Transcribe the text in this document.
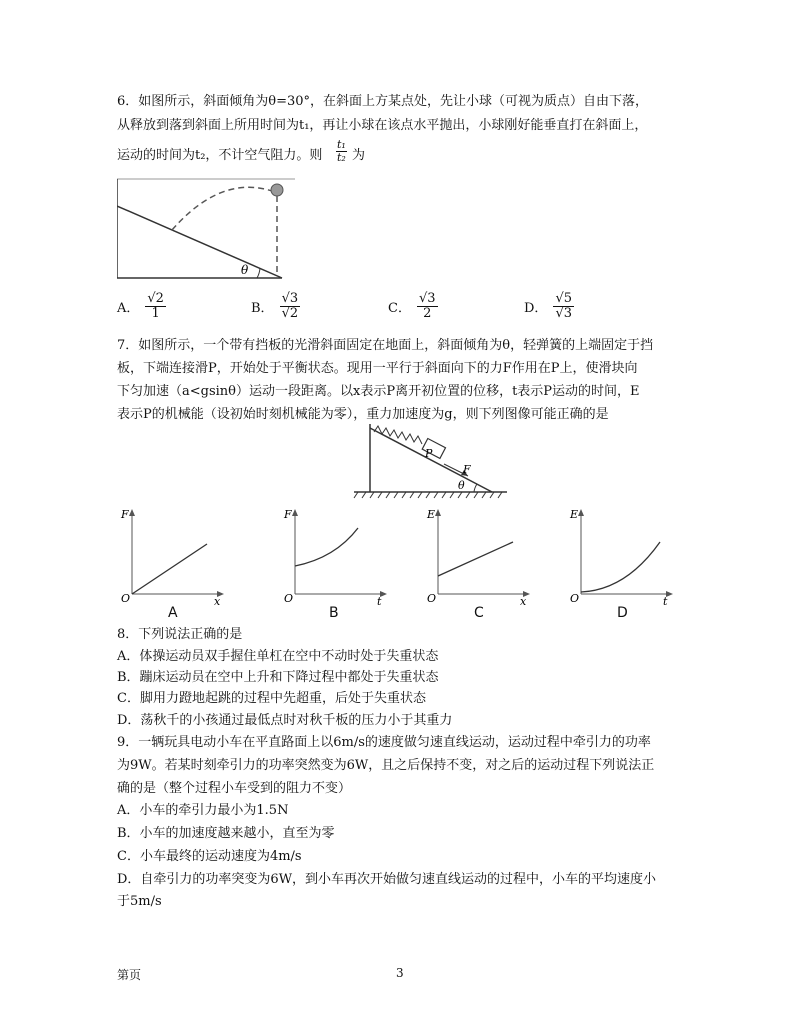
6．如图所示，斜面倾角为θ=30°，在斜面上方某点处，先让小球（可视为质点）自由下落，
从释放到落到斜面上所用时间为t₁，再让小球在该点水平抛出，小球刚好能垂直打在斜面上，
运动的时间为t₂，不计空气阻力。则 $\frac{\text{t₁}}{\text{t₂}}$ 为
θ
A． $\frac{√2}{1}$	B． $\frac{√3}{√2}$	C． $\frac{√3}{2}$	D． $\frac{√5}{√3}$
7．如图所示，一个带有挡板的光滑斜面固定在地面上，斜面倾角为θ，轻弹簧的上端固定于挡
板，下端连接滑P，开始处于平衡状态。现用一平行于斜面向下的力F作用在P上，使滑块向
下匀加速（a<gsinθ）运动一段距离。以x表示P离开初位置的位移，t表示P运动的时间，E
表示P的机械能（设初始时刻机械能为零），重力加速度为g，则下列图像可能正确的是
P
F
θ
F
O	x
A
F
O	t
B
E
O	x
C
E
O	t
D
8．下列说法正确的是
A．体操运动员双手握住单杠在空中不动时处于失重状态
B．蹦床运动员在空中上升和下降过程中都处于失重状态
C．脚用力蹬地起跳的过程中先超重，后处于失重状态
D．荡秋千的小孩通过最低点时对秋千板的压力小于其重力
9．一辆玩具电动小车在平直路面上以6m/s的速度做匀速直线运动，运动过程中牵引力的功率
为9W。若某时刻牵引力的功率突然变为6W，且之后保持不变，对之后的运动过程下列说法正
确的是（整个过程小车受到的阻力不变）
A．小车的牵引力最小为1.5N
B．小车的加速度越来越小，直至为零
C．小车最终的运动速度为4m/s
D．自牵引力的功率突变为6W，到小车再次开始做匀速直线运动的过程中，小车的平均速度小
于5m/s
第页	3
